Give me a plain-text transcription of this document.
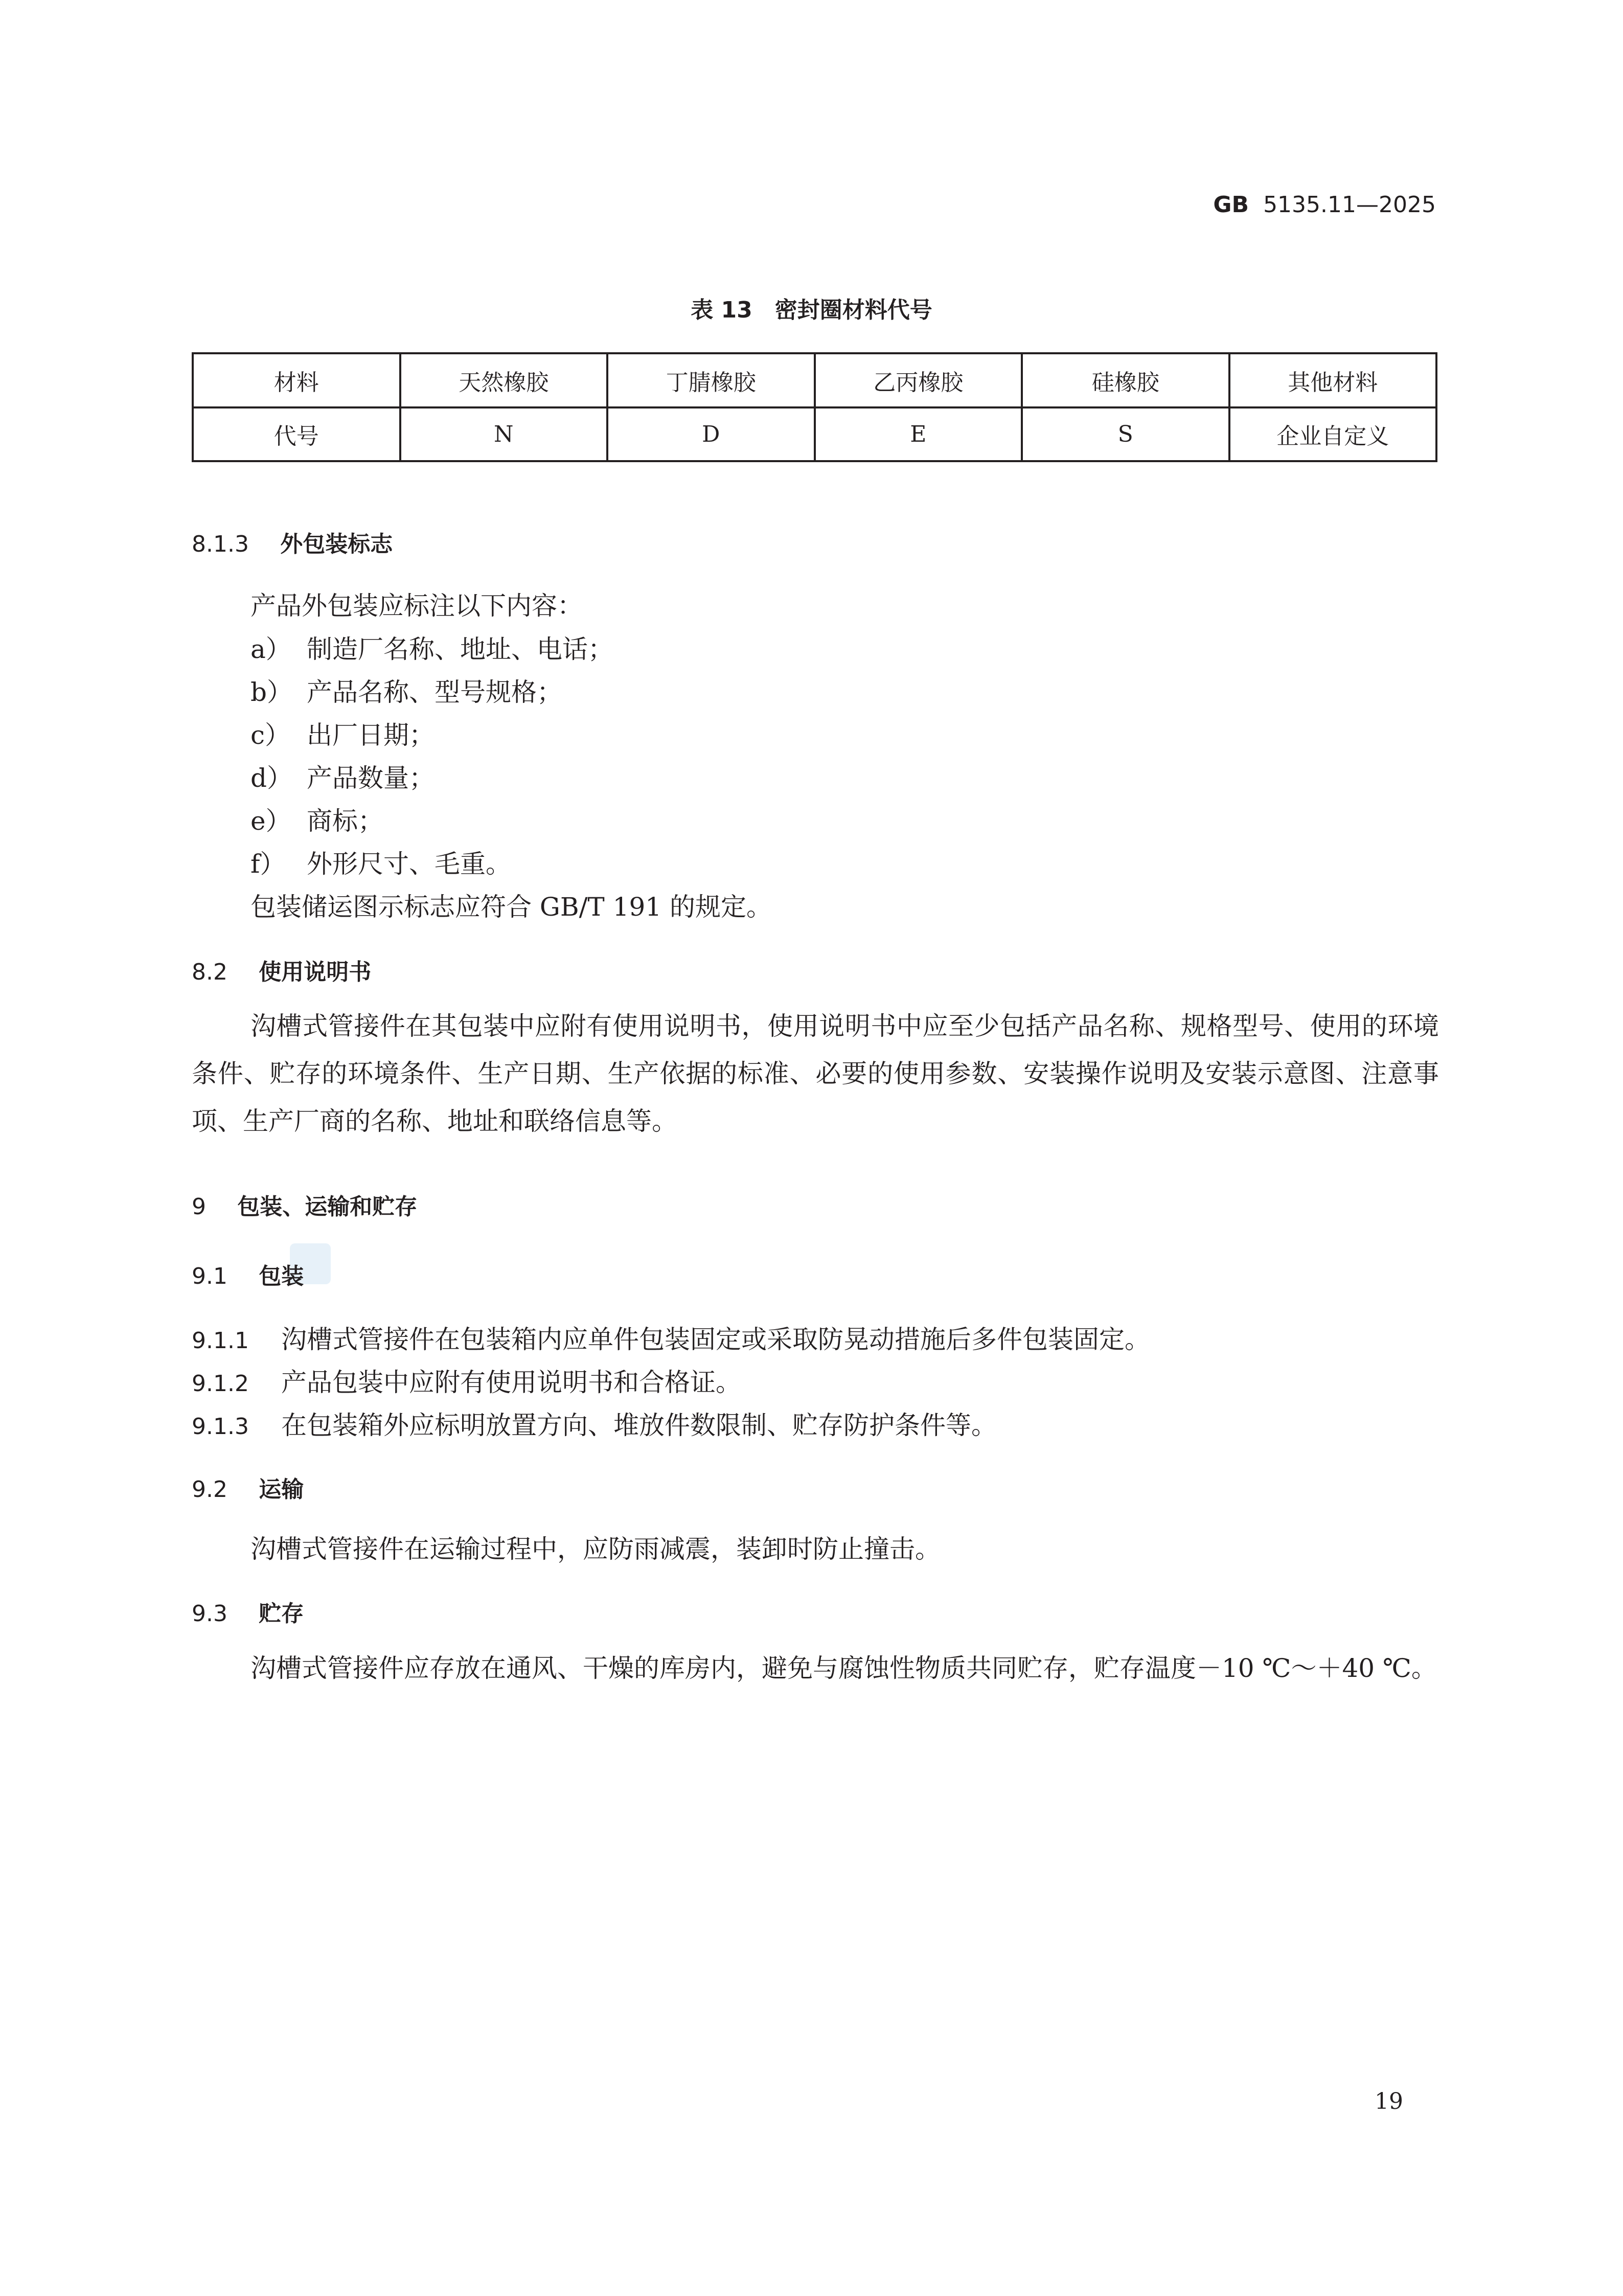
GB 5135.11—2025
表 13　密封圈材料代号
材料	天然橡胶	丁腈橡胶	乙丙橡胶	硅橡胶	其他材料
代号	N	D	E	S	企业自定义
8.1.3 外包装标志

产品外包装应标注以下内容：

a） 制造厂名称、地址、电话；
b） 产品名称、型号规格；
c） 出厂日期；
d） 产品数量；
e） 商标；
f） 外形尺寸、毛重。

包装储运图示标志应符合 GB/T 191 的规定。

8.2 使用说明书

沟槽式管接件在其包装中应附有使用说明书，使用说明书中应至少包括产品名称、规格型号、使用的环境条件、贮存的环境条件、生产日期、生产依据的标准、必要的使用参数、安装操作说明及安装示意图、注意事项、生产厂商的名称、地址和联络信息等。

9 包装、运输和贮存
9.1 包装
9.1.1 沟槽式管接件在包装箱内应单件包装固定或采取防晃动措施后多件包装固定。
9.1.2 产品包装中应附有使用说明书和合格证。
9.1.3 在包装箱外应标明放置方向、堆放件数限制、贮存防护条件等。
9.2 运输

沟槽式管接件在运输过程中，应防雨减震，装卸时防止撞击。

9.3 贮存

沟槽式管接件应存放在通风、干燥的库房内，避免与腐蚀性物质共同贮存，贮存温度－10 ℃～＋40 ℃。

19
